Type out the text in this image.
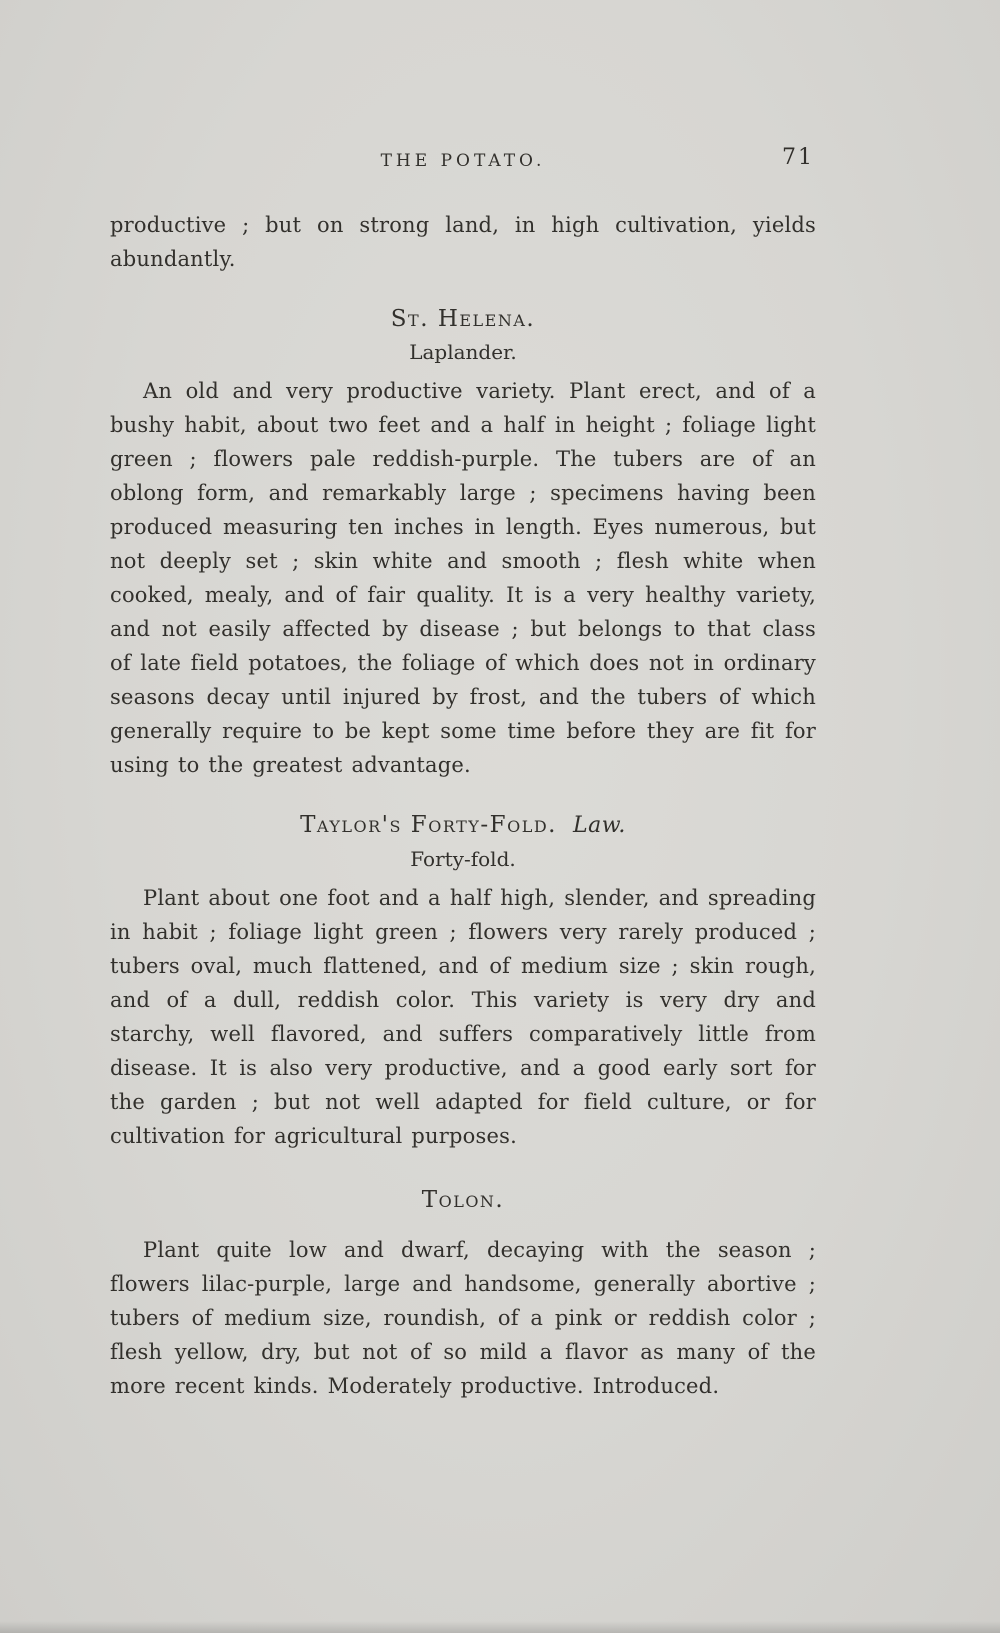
THE POTATO.	71

productive ; but on strong land, in high cultivation, yields abundantly.

St. Helena.
Laplander.

An old and very productive variety. Plant erect, and of a bushy habit, about two feet and a half in height ; foliage light green ; flowers pale reddish-purple. The tubers are of an oblong form, and remarkably large ; specimens having been produced measuring ten inches in length. Eyes numerous, but not deeply set ; skin white and smooth ; flesh white when cooked, mealy, and of fair quality. It is a very healthy variety, and not easily affected by disease ; but belongs to that class of late field potatoes, the foliage of which does not in ordinary seasons decay until injured by frost, and the tubers of which generally require to be kept some time before they are fit for using to the greatest advantage.

Taylor's Forty-Fold. Law.
Forty-fold.

Plant about one foot and a half high, slender, and spreading in habit ; foliage light green ; flowers very rarely produced ; tubers oval, much flattened, and of medium size ; skin rough, and of a dull, reddish color. This variety is very dry and starchy, well flavored, and suffers comparatively little from disease. It is also very productive, and a good early sort for the garden ; but not well adapted for field culture, or for cultivation for agricultural purposes.

Tolon.

Plant quite low and dwarf, decaying with the season ; flowers lilac-purple, large and handsome, generally abortive ; tubers of medium size, roundish, of a pink or reddish color ; flesh yellow, dry, but not of so mild a flavor as many of the more recent kinds. Moderately productive. Introduced.
